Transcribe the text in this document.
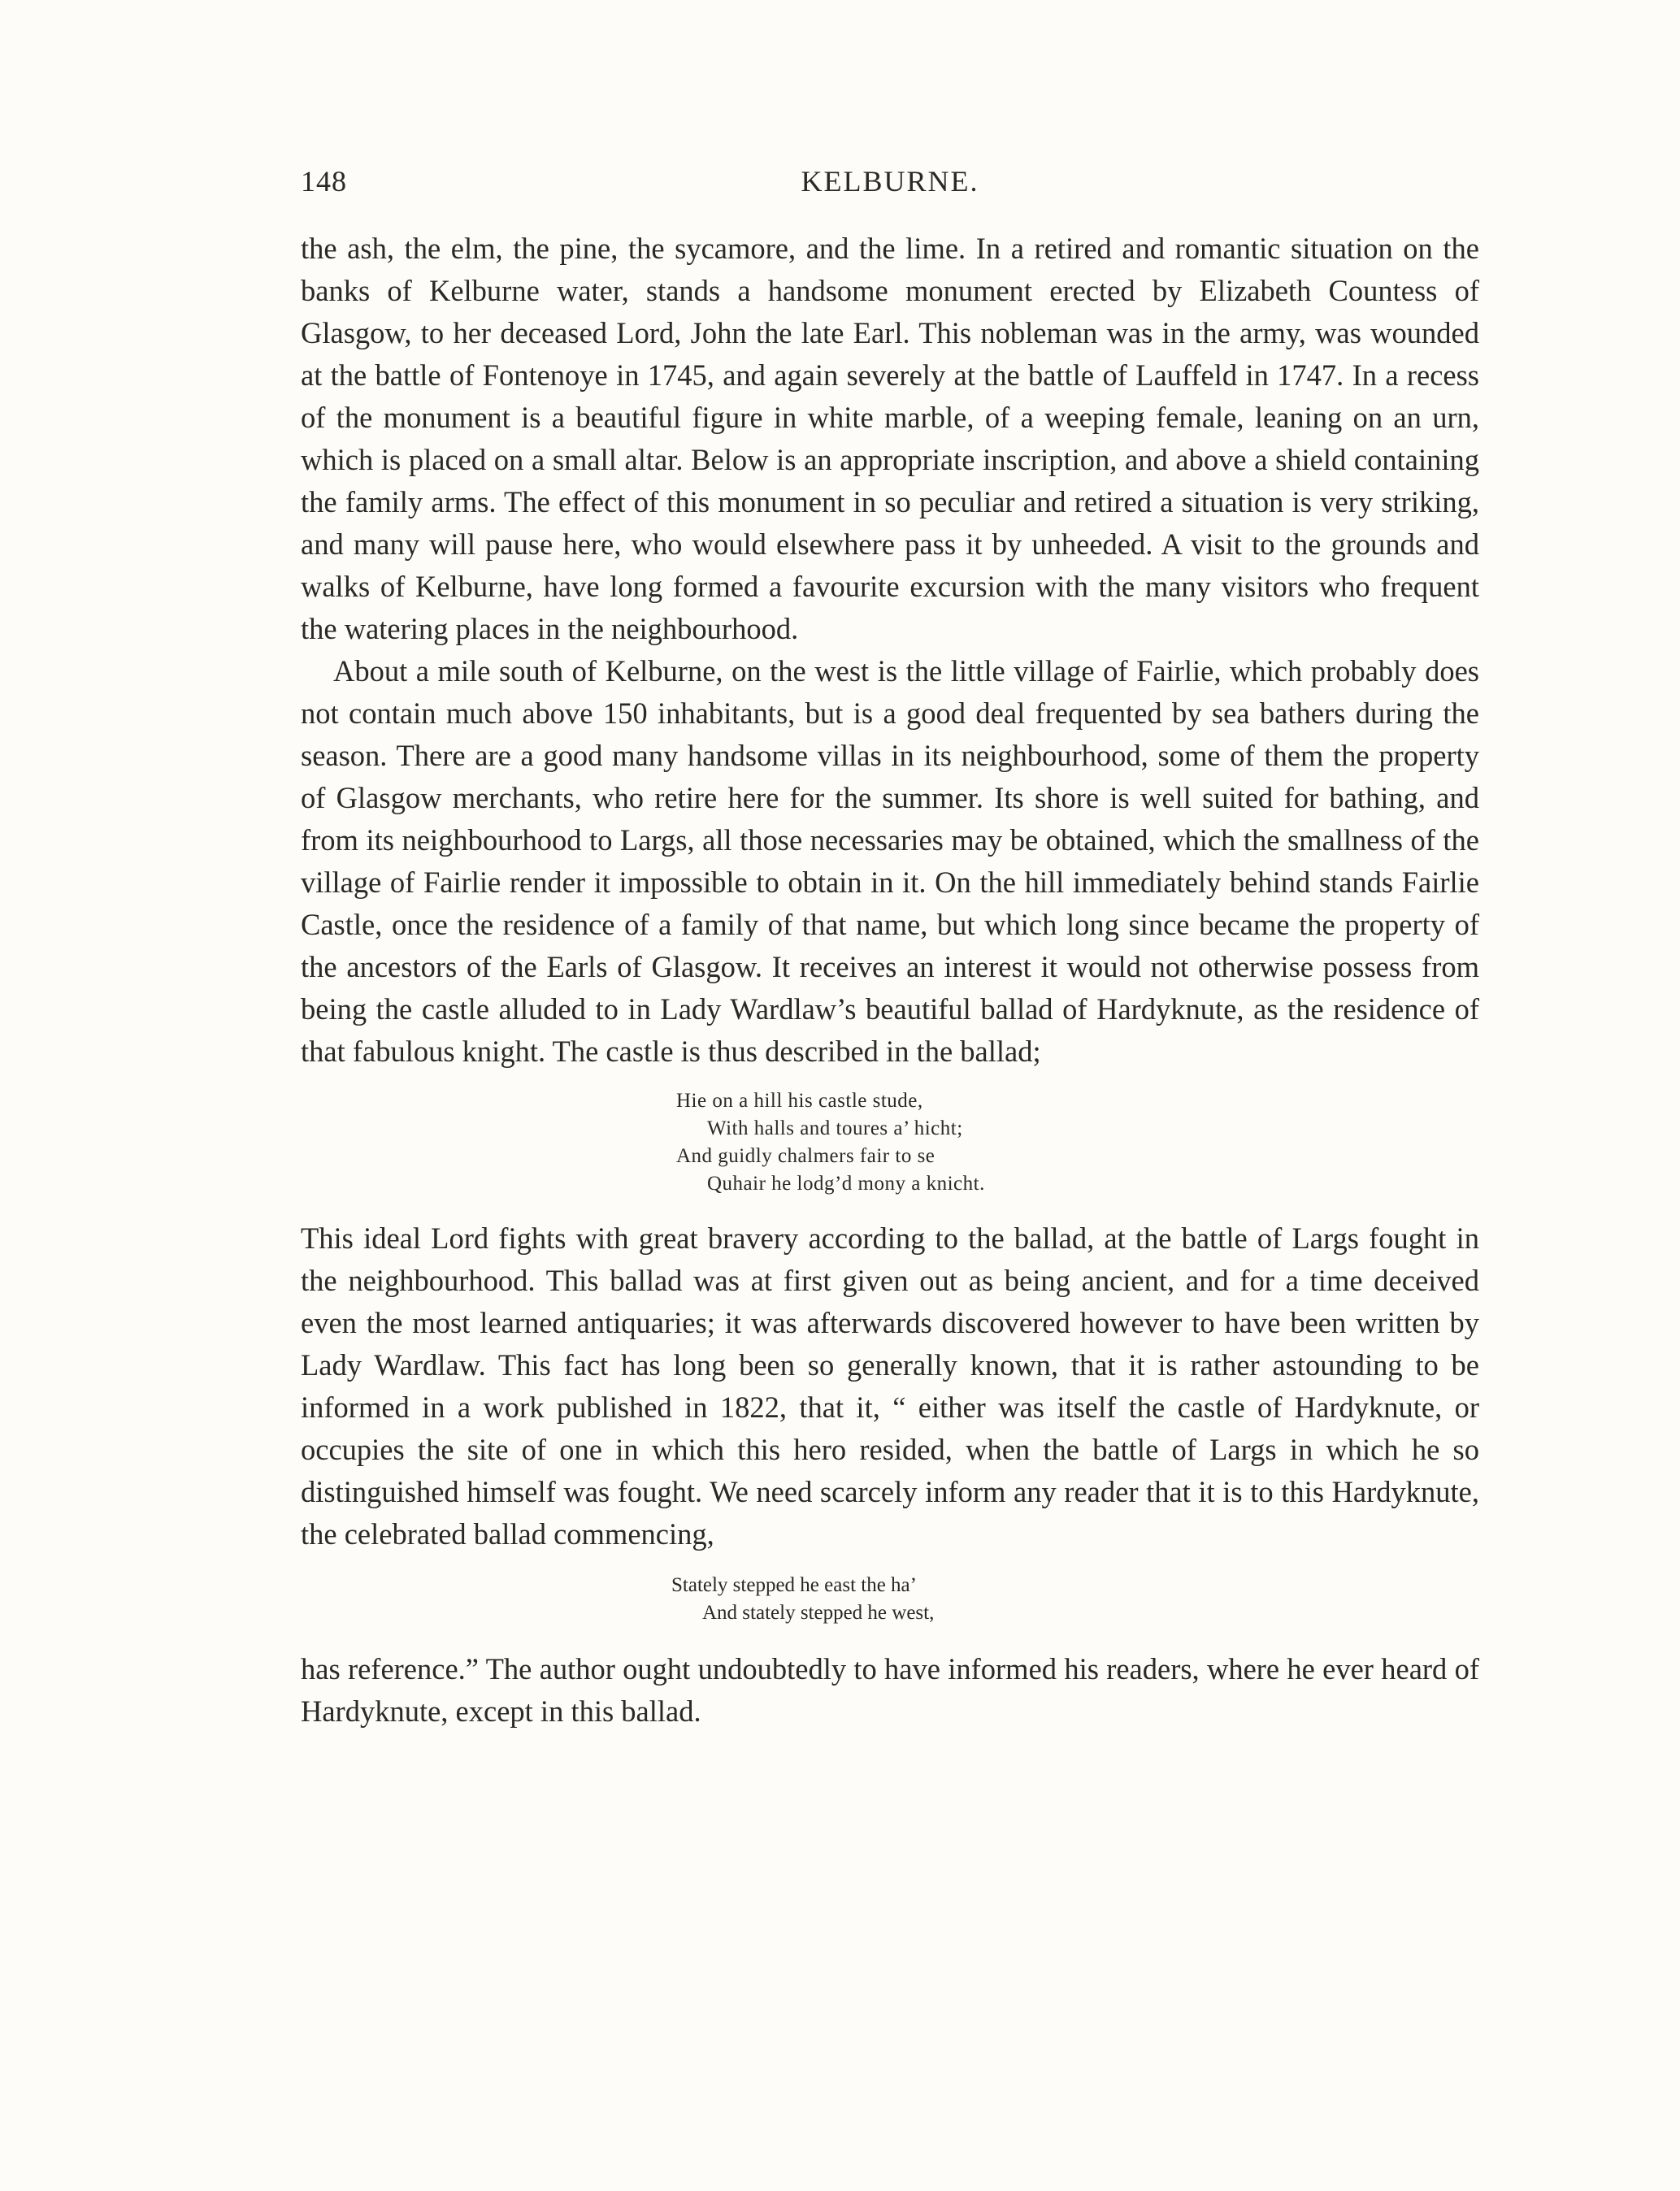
148	KELBURNE.

the ash, the elm, the pine, the sycamore, and the lime. In a retired and romantic situation on the banks of Kelburne water, stands a handsome monument erected by Elizabeth Countess of Glasgow, to her deceased Lord, John the late Earl. This nobleman was in the army, was wounded at the battle of Fontenoye in 1745, and again severely at the battle of Lauffeld in 1747. In a recess of the monument is a beautiful figure in white marble, of a weeping female, leaning on an urn, which is placed on a small altar. Below is an appropriate inscription, and above a shield containing the family arms. The effect of this monument in so peculiar and retired a situation is very striking, and many will pause here, who would elsewhere pass it by unheeded. A visit to the grounds and walks of Kelburne, have long formed a favourite excursion with the many visitors who frequent the watering places in the neighbourhood.

About a mile south of Kelburne, on the west is the little village of Fairlie, which probably does not contain much above 150 inhabitants, but is a good deal frequented by sea bathers during the season. There are a good many handsome villas in its neighbourhood, some of them the property of Glasgow merchants, who retire here for the summer. Its shore is well suited for bathing, and from its neighbourhood to Largs, all those necessaries may be obtained, which the smallness of the village of Fairlie render it impossible to obtain in it. On the hill immediately behind stands Fairlie Castle, once the residence of a family of that name, but which long since became the property of the ancestors of the Earls of Glasgow. It receives an interest it would not otherwise possess from being the castle alluded to in Lady Wardlaw’s beautiful ballad of Hardyknute, as the residence of that fabulous knight. The castle is thus described in the ballad;

Hie on a hill his castle stude,
With halls and toures a’ hicht;
And guidly chalmers fair to se
Quhair he lodg’d mony a knicht.

This ideal Lord fights with great bravery according to the ballad, at the battle of Largs fought in the neighbourhood. This ballad was at first given out as being ancient, and for a time deceived even the most learned antiquaries; it was afterwards discovered however to have been written by Lady Wardlaw. This fact has long been so generally known, that it is rather astounding to be informed in a work published in 1822, that it, “ either was itself the castle of Hardyknute, or occupies the site of one in which this hero resided, when the battle of Largs in which he so distinguished himself was fought. We need scarcely inform any reader that it is to this Hardyknute, the celebrated ballad commencing,

Stately stepped he east the ha’
And stately stepped he west,

has reference.” The author ought undoubtedly to have informed his readers, where he ever heard of Hardyknute, except in this ballad.
